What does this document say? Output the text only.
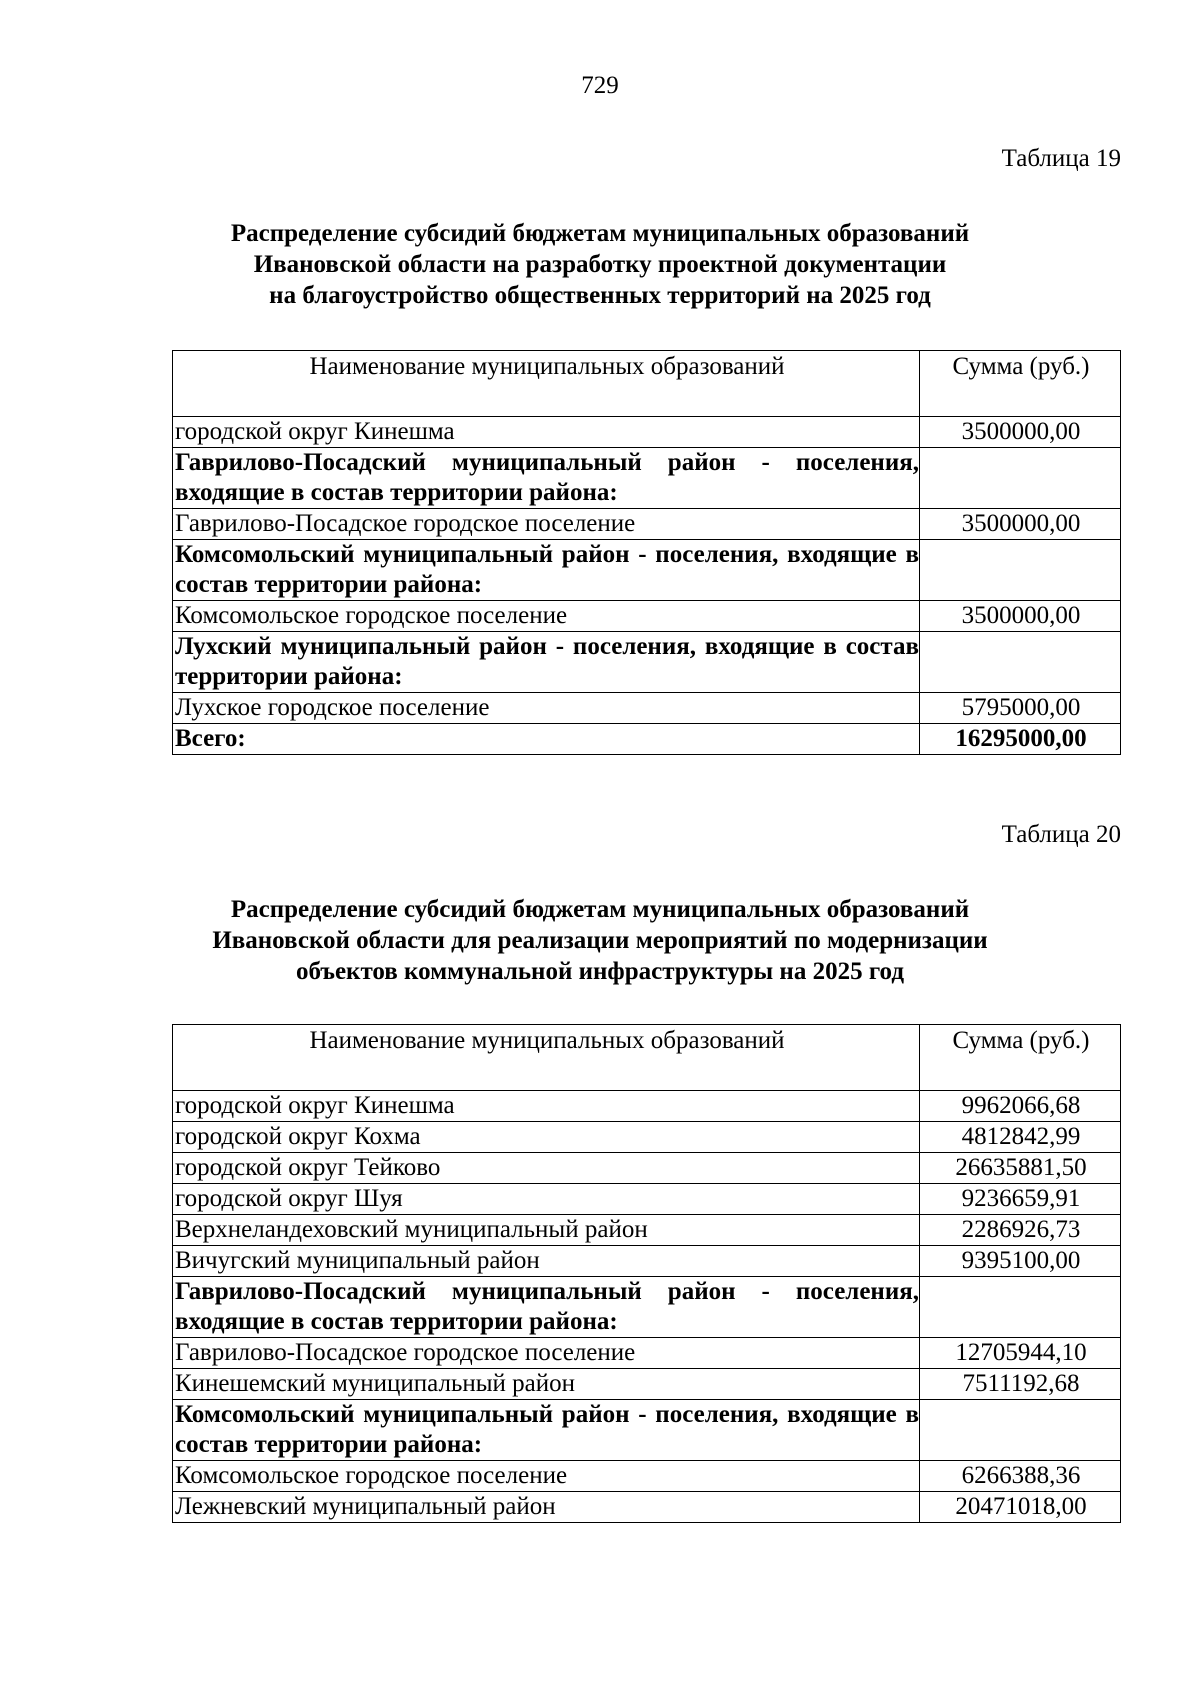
729
Таблица 19
Распределение субсидий бюджетам муниципальных образований
Ивановской области на разработку проектной документации
на благоустройство общественных территорий на 2025 год
Наименование муниципальных образований	Сумма (руб.)
городской округ Кинешма	3500000,00
Гаврилово-Посадский муниципальный район - поселения, входящие в состав территории района:	
Гаврилово-Посадское городское поселение	3500000,00
Комсомольский муниципальный район - поселения, входящие в состав территории района:	
Комсомольское городское поселение	3500000,00
Лухский муниципальный район - поселения, входящие в состав территории района:	
Лухское городское поселение	5795000,00
Всего:	16295000,00
Таблица 20
Распределение субсидий бюджетам муниципальных образований
Ивановской области для реализации мероприятий по модернизации
объектов коммунальной инфраструктуры на 2025 год
Наименование муниципальных образований	Сумма (руб.)
городской округ Кинешма	9962066,68
городской округ Кохма	4812842,99
городской округ Тейково	26635881,50
городской округ Шуя	9236659,91
Верхнеландеховский муниципальный район	2286926,73
Вичугский муниципальный район	9395100,00
Гаврилово-Посадский муниципальный район - поселения, входящие в состав территории района:	
Гаврилово-Посадское городское поселение	12705944,10
Кинешемский муниципальный район	7511192,68
Комсомольский муниципальный район - поселения, входящие в состав территории района:	
Комсомольское городское поселение	6266388,36
Лежневский муниципальный район	20471018,00
